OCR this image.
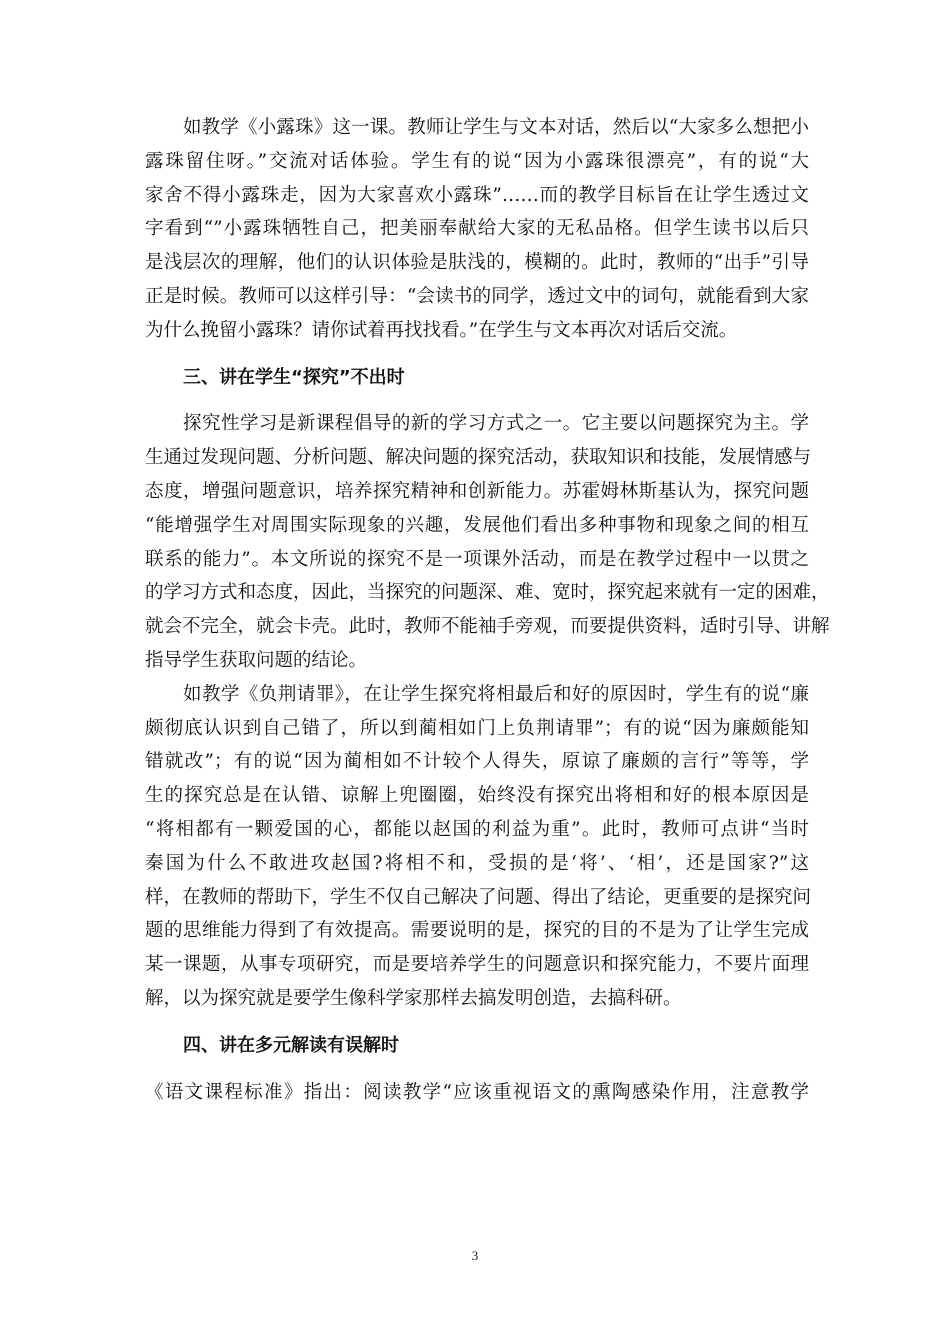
如教学《小露珠》这一课。教师让学生与文本对话，然后以“大家多么想把小
露珠留住呀。”交流对话体验。学生有的说“因为小露珠很漂亮”，有的说“大
家舍不得小露珠走，因为大家喜欢小露珠”……而的教学目标旨在让学生透过文
字看到“”小露珠牺牲自己，把美丽奉献给大家的无私品格。但学生读书以后只
是浅层次的理解，他们的认识体验是肤浅的，模糊的。此时，教师的“出手”引导
正是时候。教师可以这样引导：“会读书的同学，透过文中的词句，就能看到大家
为什么挽留小露珠？请你试着再找找看。”在学生与文本再次对话后交流。
三、讲在学生“探究”不出时
探究性学习是新课程倡导的新的学习方式之一。它主要以问题探究为主。学
生通过发现问题、分析问题、解决问题的探究活动，获取知识和技能，发展情感与
态度，增强问题意识，培养探究精神和创新能力。苏霍姆林斯基认为，探究问题
“能增强学生对周围实际现象的兴趣，发展他们看出多种事物和现象之间的相互
联系的能力”。本文所说的探究不是一项课外活动，而是在教学过程中一以贯之
的学习方式和态度，因此，当探究的问题深、难、宽时，探究起来就有一定的困难，
就会不完全，就会卡壳。此时，教师不能袖手旁观，而要提供资料，适时引导、讲解
指导学生获取问题的结论。
如教学《负荆请罪》，在让学生探究将相最后和好的原因时，学生有的说“廉
颇彻底认识到自己错了，所以到蔺相如门上负荆请罪”；有的说“因为廉颇能知
错就改”；有的说“因为蔺相如不计较个人得失，原谅了廉颇的言行”等等，学
生的探究总是在认错、谅解上兜圈圈，始终没有探究出将相和好的根本原因是
“将相都有一颗爱国的心，都能以赵国的利益为重”。此时，教师可点讲“当时
秦国为什么不敢进攻赵国?将相不和，受损的是‘将’、‘相’，还是国家?”这
样，在教师的帮助下，学生不仅自己解决了问题、得出了结论，更重要的是探究问
题的思维能力得到了有效提高。需要说明的是，探究的目的不是为了让学生完成
某一课题，从事专项研究，而是要培养学生的问题意识和探究能力，不要片面理
解，以为探究就是要学生像科学家那样去搞发明创造，去搞科研。
四、讲在多元解读有误解时
《语文课程标准》指出：阅读教学“应该重视语文的熏陶感染作用，注意教学
3
